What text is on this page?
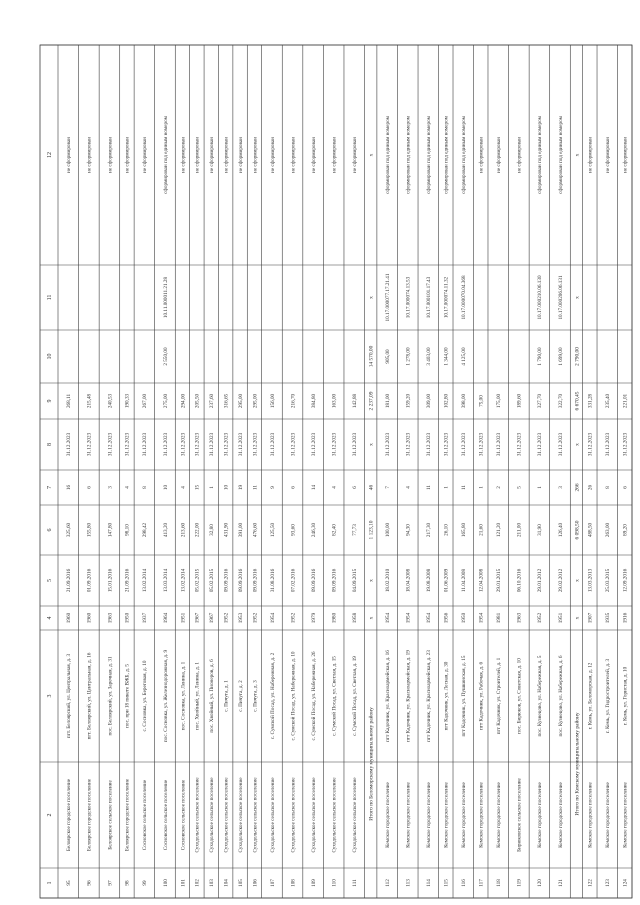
1
2
3
4
5
6
7
8
9
10
11
12
95
Белоярское городское поселение
пгт. Белоярский, ул. Центральная, д. 3
1960
21.09.2016
325,60
16
31.12.2023
268,11
не сформирован
96
Белоярское городское поселение
пгт. Белоярский, ул. Центральная, д. 16
1960
01.09.2016
155,80
6
31.12.2023
215,48
не сформирован
97
Белоярское сельское поселение
пос. Белоярский, ул. Заречная, д. 31
1963
15.01.2016
147,80
3
31.12.2023
240,53
не сформирован
98
Белоярское городское поселение
пос. при 18 пикете ВЖБ, д. 5
1950
21.09.2016
98,10
4
31.12.2023
190,33
не сформирован
99
Сосновское сельское поселение
с. Сосновка, ул. Береговая, д. 10
1937
13.02.2014
298,42
8
31.12.2023
267,00
не сформирован
100
Сосновское сельское поселение
пос. Сосновка, ул. Железнодорожная, д. 9
1964
13.03.2014
413,20
10
31.12.2023
275,00
2 550,00
10.11.000011.21.28
сформирован под единым номером
101
Сосновское сельское поселение
пос. Сосновка, ул. Ленина, д. 1
1951
13.02.2014
213,60
4
31.12.2023
294,00
не сформирован
102
Суходольское сельское поселение
пос. Хвойный, ул. Ленина, д. 1
1967
05.02.2015
222,00
15
31.12.2023
205,50
не сформирован
103
Суходольское сельское поселение
пос. Хвойный, ул. Пионеров, д. 6
1967
05.02.2015
32,80
1
31.12.2023
237,60
не сформирован
104
Суходольское сельское поселение
с. Пичуга, д. 1
1952
09.09.2016
431,90
10
31.12.2023
316,65
не сформирован
105
Суходольское сельское поселение
с. Пичуга, д. 2
1953
09.09.2016
391,00
19
31.12.2023
295,00
не сформирован
106
Суходольское сельское поселение
с. Пичуга, д. 3
1952
09.09.2016
476,60
11
31.12.2023
295,00
не сформирован
107
Суходольское сельское поселение
с. Сумской Посад, ул. Набережная, д. 2
1954
31.08.2016
125,50
9
31.12.2023
156,00
не сформирован
108
Суходольское сельское поселение
с. Сумской Посад, ул. Набережная, д. 10
1952
07.02.2016
93,60
6
31.12.2023
216,70
не сформирован
109
Суходольское сельское поселение
с. Сумской Посад, ул. Набережная, д. 26
1979
09.09.2016
246,30
14
31.12.2023
384,80
не сформирован
110
Суходольское сельское поселение
с. Сумской Посад, ул. Светлая, д. 15
1980
09.09.2016
82,40
4
31.12.2023
163,00
не сформирован
111
Суходольское сельское поселение
с. Сумской Посад, ул. Светлая, д. 19
1958
04.09.2015
77,73
6
31.12.2023
142,88
не сформирован
Итого по Беломорскому муниципальному району
x
x
1 123,10
46
x
2 237,09
14 570,00
x
x
112
Кемское городское поселение
пгт Кадочник, ул. Красноармейская, д. 16
1954
18.02.2010
100,00
7
31.12.2023
181,00
905,00
10.17.000077.17.21.41
сформирован под единым номером
113
Кемское городское поселение
пгт Кадочник, ул. Красноармейская, д. 19
1954
18.04.2008
94,30
4
31.12.2023
159,20
1 278,00
10.17.000074.13.53
сформирован под единым номером
114
Кемское городское поселение
пгт Кадочник, ул. Красноармейская, д. 23
1954
19.08.2008
217,30
11
31.12.2023
309,00
3 403,00
10.17.000101.17.43
сформирован под единым номером
115
Кемское городское поселение
пгт Кадочник, ул. Лесная, д. 30
1956
01.06.2009
26,10
1
31.12.2023
102,80
1 344,00
10.17.000074.11.32
сформирован под единым номером
116
Кемское городское поселение
пгт Кадочник, ул. Пушкинская, д. 15
1950
11.04.2008
165,80
11
31.12.2023
398,00
4 125,00
10.17.000070.04.368
сформирован под единым номером
117
Кемское городское поселение
пгт Кадочник, ул. Рабочая, д. 6
1954
12.04.2008
21,60
1
31.12.2023
75,00
не сформирован
118
Кемское городское поселение
пгт Кадочник, ул. Строителей, д. 1
1981
29.01.2015
121,20
2
31.12.2023
175,00
не сформирован
119
Бирюковское сельское поселение
пос. Бирюков, ул. Советская, д. 10
1963
06.10.2016
211,00
5
31.12.2023
189,60
не сформирован
120
Кемское городское поселение
пос. Кузнецово, ул. Набережная, д. 5
1952
29.01.2012
31,90
1
31.12.2023
327,70
1 790,00
10.17.000210.06.130
сформирован под единым номером
121
Кемское городское поселение
пос. Кузнецово, ул. Набережная, д. 6
1951
29.02.2012
126,40
3
31.12.2023
322,70
1 699,00
10.17.000206.06.131
сформирован под единым номером
Итого по Кемскому муниципальному району
x
x
6 098,50
266
x
6 670,45
2 790,00
x
x
122
Кемское городское поселение
г. Кемь, ул. Беломорская, д. 12
1907
13.03.2013
488,50
26
31.12.2023
331,28
не сформирован
123
Кемское городское поселение
г. Кемь, ул. Гидростроителей, д. 3
1935
25.03.2015
263,00
8
31.12.2023
235,40
не сформирован
124
Кемское городское поселение
г. Кемь, ул. Гористая, д. 10
1916
12.09.2016
89,20
6
31.12.2023
221,01
не сформирован
